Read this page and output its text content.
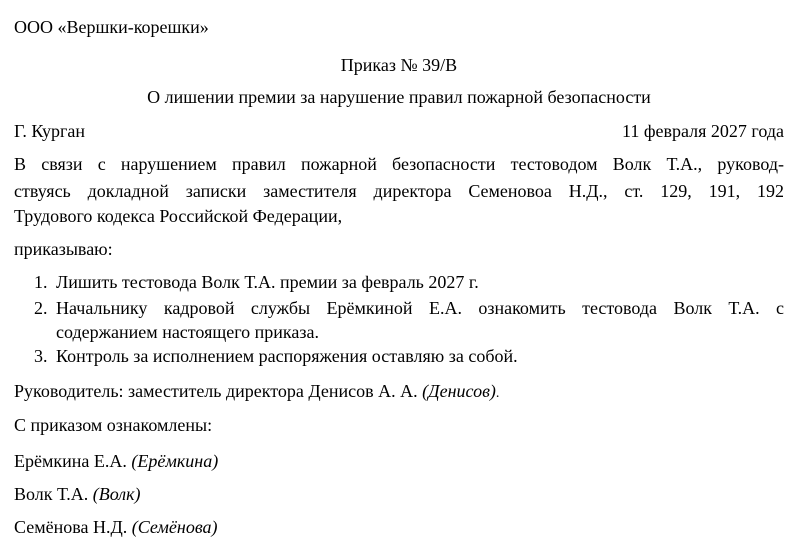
ООО «Вершки-корешки»
Приказ № 39/В
О лишении премии за нарушение правил пожарной безопасности
Г. Курган	11 февраля 2027 года
В связи с нарушением правил пожарной безопасности тестоводом Волк Т.А., руковод-
ствуясь докладной записки заместителя директора Семеновоа Н.Д., ст. 129, 191, 192
Трудового кодекса Российской Федерации,
приказываю:
1. Лишить тестовода Волк Т.А. премии за февраль 2027 г.
2. Начальнику кадровой службы Ерёмкиной Е.А. ознакомить тестовода Волк Т.А. с
содержанием настоящего приказа.
3. Контроль за исполнением распоряжения оставляю за собой.
Руководитель: заместитель директора Денисов А. А. (Денисов).
С приказом ознакомлены:
Ерёмкина Е.А. (Ерёмкина)
Волк Т.А. (Волк)
Семёнова Н.Д. (Семёнова)
